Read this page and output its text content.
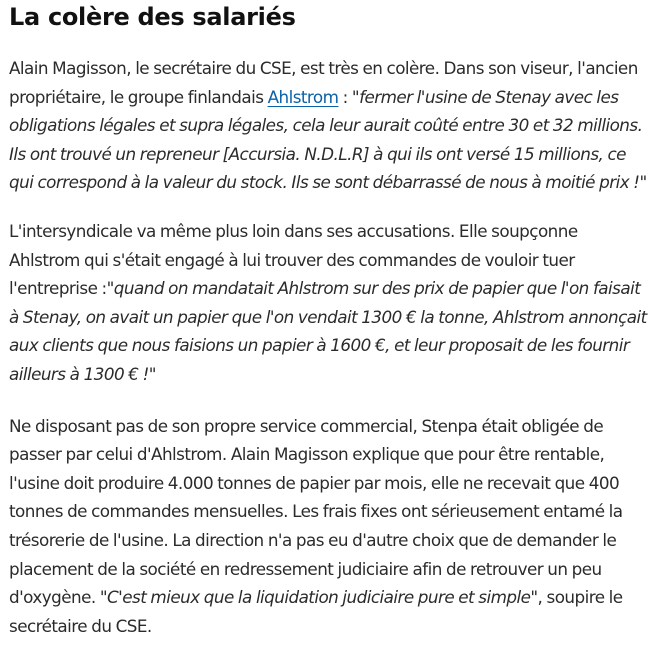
La colère des salariés

Alain Magisson, le secrétaire du CSE, est très en colère. Dans son viseur, l'ancien propriétaire, le groupe finlandais Ahlstrom : "fermer l'usine de Stenay avec les obligations légales et supra légales, cela leur aurait coûté entre 30 et 32 millions. Ils ont trouvé un repreneur [Accursia. N.D.L.R] à qui ils ont versé 15 millions, ce qui correspond à la valeur du stock. Ils se sont débarrassé de nous à moitié prix !"

L'intersyndicale va même plus loin dans ses accusations. Elle soupçonne Ahlstrom qui s'était engagé à lui trouver des commandes de vouloir tuer l'entreprise :"quand on mandatait Ahlstrom sur des prix de papier que l'on faisait à Stenay, on avait un papier que l'on vendait 1300 € la tonne, Ahlstrom annonçait aux clients que nous faisions un papier à 1600 €, et leur proposait de les fournir ailleurs à 1300 € !"

Ne disposant pas de son propre service commercial, Stenpa était obligée de passer par celui d'Ahlstrom. Alain Magisson explique que pour être rentable, l'usine doit produire 4.000 tonnes de papier par mois, elle ne recevait que 400 tonnes de commandes mensuelles. Les frais fixes ont sérieusement entamé la trésorerie de l'usine. La direction n'a pas eu d'autre choix que de demander le placement de la société en redressement judiciaire afin de retrouver un peu d'oxygène. "C'est mieux que la liquidation judiciaire pure et simple", soupire le secrétaire du CSE.
